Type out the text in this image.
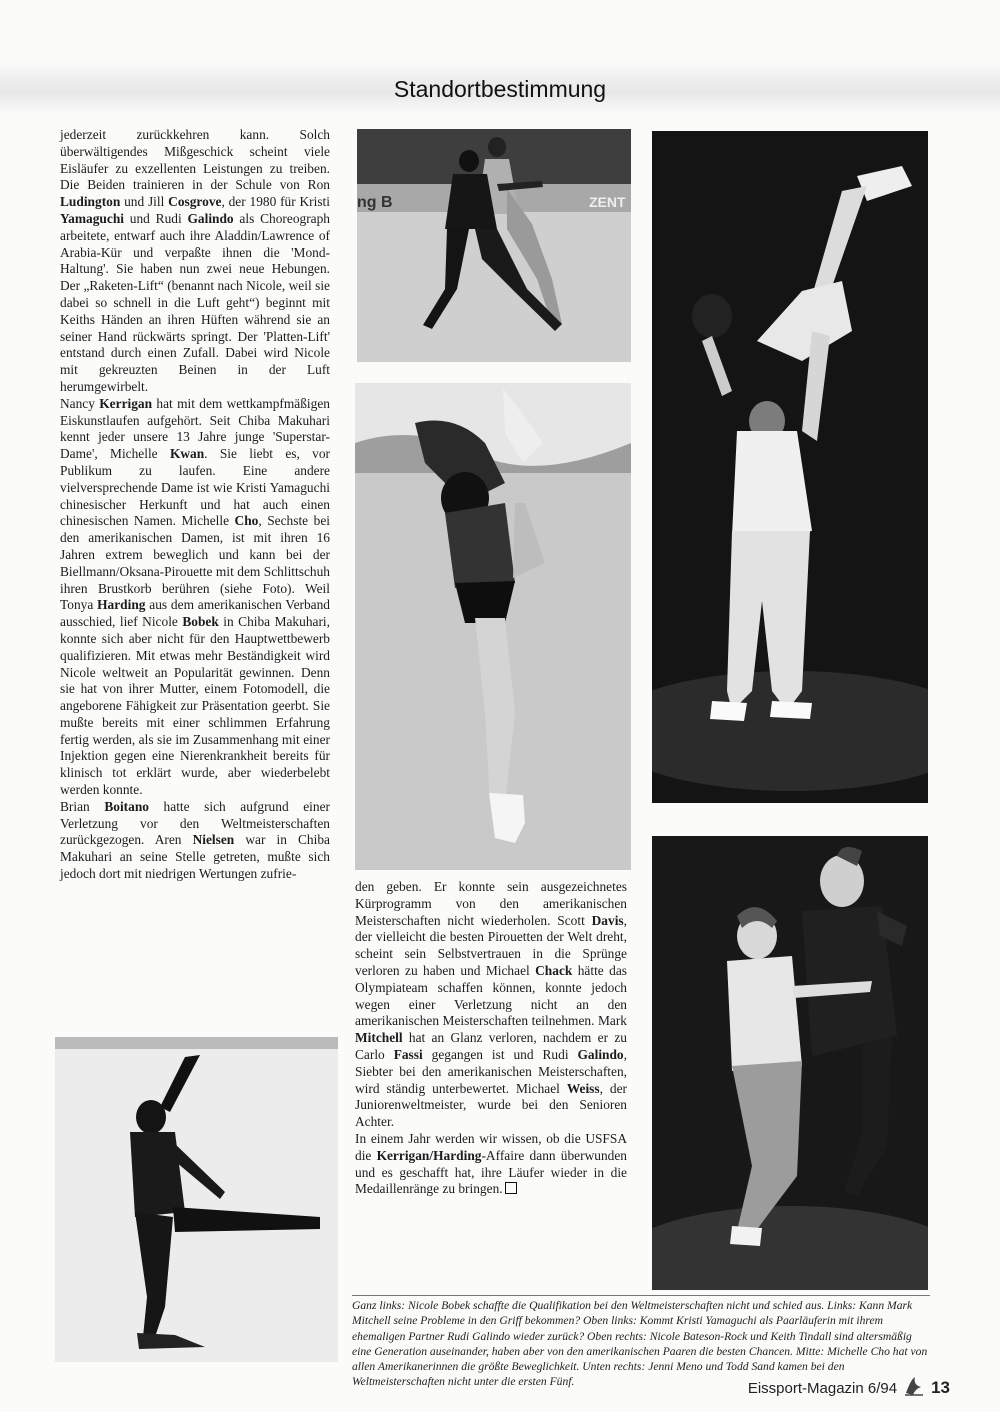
Standortbestimmung

jederzeit zurückkehren kann. Solch überwältigendes Mißgeschick scheint viele Eisläufer zu exzellenten Leistungen zu treiben. Die Beiden trainieren in der Schule von Ron Ludington und Jill Cosgrove, der 1980 für Kristi Yamaguchi und Rudi Galindo als Choreograph arbeitete, entwarf auch ihre Aladdin/Lawrence of Arabia-Kür und verpaßte ihnen die 'Mond-Haltung'. Sie haben nun zwei neue Hebungen. Der „Raketen-Lift“ (benannt nach Nicole, weil sie dabei so schnell in die Luft geht“) beginnt mit Keiths Händen an ihren Hüften während sie an seiner Hand rückwärts springt. Der 'Platten-Lift' entstand durch einen Zufall. Dabei wird Nicole mit gekreuzten Beinen in der Luft herumgewirbelt.

Nancy Kerrigan hat mit dem wettkampfmäßigen Eiskunstlaufen aufgehört. Seit Chiba Makuhari kennt jeder unsere 13 Jahre junge 'Superstar-Dame', Michelle Kwan. Sie liebt es, vor Publikum zu laufen. Eine andere vielversprechende Dame ist wie Kristi Yamaguchi chinesischer Herkunft und hat auch einen chinesischen Namen. Michelle Cho, Sechste bei den amerikanischen Damen, ist mit ihren 16 Jahren extrem beweglich und kann bei der Biellmann/Oksana-Pirouette mit dem Schlittschuh ihren Brustkorb berühren (siehe Foto). Weil Tonya Harding aus dem amerikanischen Verband ausschied, lief Nicole Bobek in Chiba Makuhari, konnte sich aber nicht für den Hauptwettbewerb qualifizieren. Mit etwas mehr Beständigkeit wird Nicole weltweit an Popularität gewinnen. Denn sie hat von ihrer Mutter, einem Fotomodell, die angeborene Fähigkeit zur Präsentation geerbt. Sie mußte bereits mit einer schlimmen Erfahrung fertig werden, als sie im Zusammenhang mit einer Injektion gegen eine Nierenkrankheit bereits für klinisch tot erklärt wurde, aber wiederbelebt werden konnte.

Brian Boitano hatte sich aufgrund einer Verletzung vor den Weltmeisterschaften zurückgezogen. Aren Nielsen war in Chiba Makuhari an seine Stelle getreten, mußte sich jedoch dort mit niedrigen Wertungen zufrie-

den geben. Er konnte sein ausgezeichnetes Kürprogramm von den amerikanischen Meisterschaften nicht wiederholen. Scott Davis, der vielleicht die besten Pirouetten der Welt dreht, scheint sein Selbstvertrauen in die Sprünge verloren zu haben und Michael Chack hätte das Olympiateam schaffen können, konnte jedoch wegen einer Verletzung nicht an den amerikanischen Meisterschaften teilnehmen. Mark Mitchell hat an Glanz verloren, nachdem er zu Carlo Fassi gegangen ist und Rudi Galindo, Siebter bei den amerikanischen Meisterschaften, wird ständig unterbewertet. Michael Weiss, der Juniorenweltmeister, wurde bei den Senioren Achter.

In einem Jahr werden wir wissen, ob die USFSA die Kerrigan/Harding-Affaire dann überwunden und es geschafft hat, ihre Läufer wieder in die Medaillenränge zu bringen.

ng B	ZENT
Ganz links: Nicole Bobek schaffte die Qualifikation bei den Weltmeisterschaften nicht und schied aus. Links: Kann Mark Mitchell seine Probleme in den Griff bekommen? Oben links: Kommt Kristi Yamaguchi als Paarläuferin mit ihrem ehemaligen Partner Rudi Galindo wieder zurück? Oben rechts: Nicole Bateson-Rock und Keith Tindall sind altersmäßig eine Generation auseinander, haben aber von den amerikanischen Paaren die besten Chancen. Mitte: Michelle Cho hat von allen Amerikanerinnen die größte Beweglichkeit. Unten rechts: Jenni Meno und Todd Sand kamen bei den Weltmeisterschaften nicht unter die ersten Fünf.	Eissport-Magazin 6/94 13
